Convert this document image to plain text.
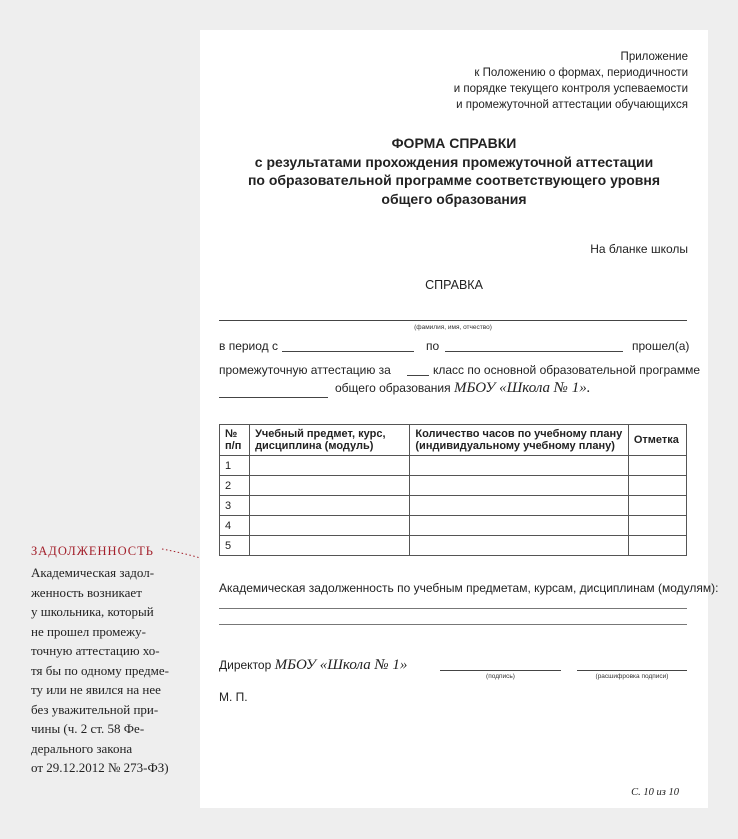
Приложение
к Положению о формах, периодичности
и порядке текущего контроля успеваемости
и промежуточной аттестации обучающихся
ФОРМА СПРАВКИ
с результатами прохождения промежуточной аттестации
по образовательной программе соответствующего уровня
общего образования
На бланке школы
СПРАВКА
(фамилия, имя, отчество)
в период с	по	прошел(а)
промежуточную аттестацию за	класс по основной образовательной программе
общего образования МБОУ «Школа № 1».
№ п/п	Учебный предмет, курс, дисциплина (модуль)	Количество часов по учебному плану (индивидуальному учебному плану)	Отметка
1			
2			
3			
4			
5			
Академическая задолженность по учебным предметам, курсам, дисциплинам (модулям):
Директор МБОУ «Школа № 1»
(подпись)	(расшифровка подписи)
М. П.
С. 10 из 10
ЗАДОЛЖЕННОСТЬ
Академическая задол-
женность возникает
у школьника, который
не прошел промежу-
точную аттестацию хо-
тя бы по одному предме-
ту или не явился на нее
без уважительной при-
чины (ч. 2 ст. 58 Фе-
дерального закона
от 29.12.2012 № 273-ФЗ)
